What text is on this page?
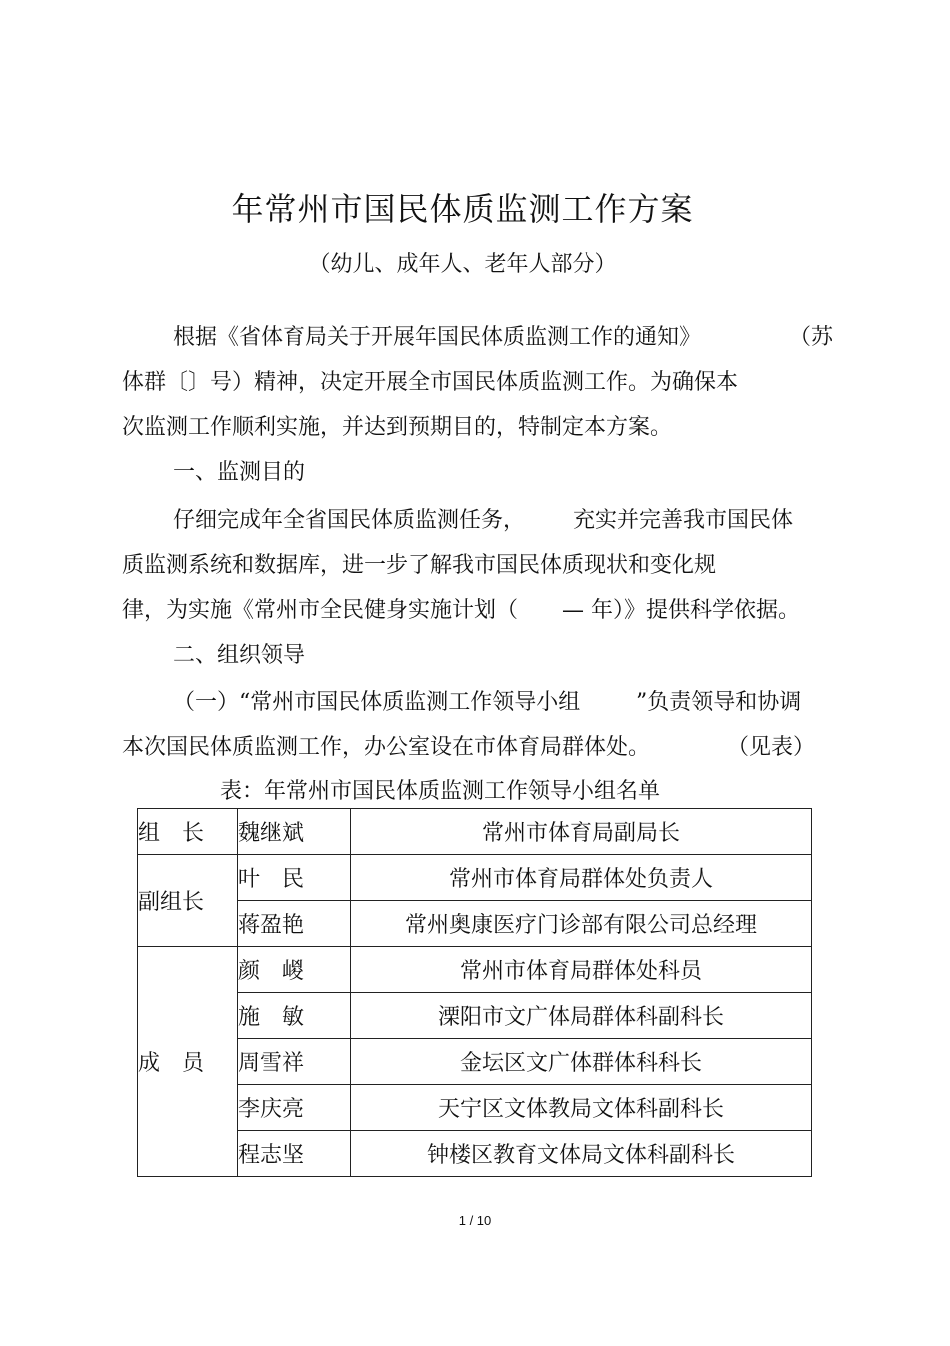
年常州市国民体质监测工作方案
（幼儿、成年人、老年人部分）
根据《省体育局关于开展年国民体质监测工作的通知》	（苏
体群〔〕号）精神，决定开展全市国民体质监测工作。为确保本
次监测工作顺利实施，并达到预期目的，特制定本方案。
一、监测目的
仔细完成年全省国民体质监测任务， 充实并完善我市国民体
质监测系统和数据库，进一步了解我市国民体质现状和变化规
律，为实施《常州市全民健身实施计划（　　— 年）》提供科学依据。
二、组织领导
（一）“常州市国民体质监测工作领导小组	”负责领导和协调
本次国民体质监测工作，办公室设在市体育局群体处。	（见表）
表：年常州市国民体质监测工作领导小组名单
组　长	魏继斌	常州市体育局副局长
副组长	叶　民	常州市体育局群体处负责人
	蒋盈艳	常州奥康医疗门诊部有限公司总经理
成　员	颜　嵕	常州市体育局群体处科员
	施　敏	溧阳市文广体局群体科副科长
	周雪祥	金坛区文广体群体科科长
	李庆亮	天宁区文体教局文体科副科长
	程志坚	钟楼区教育文体局文体科副科长
1 / 10
